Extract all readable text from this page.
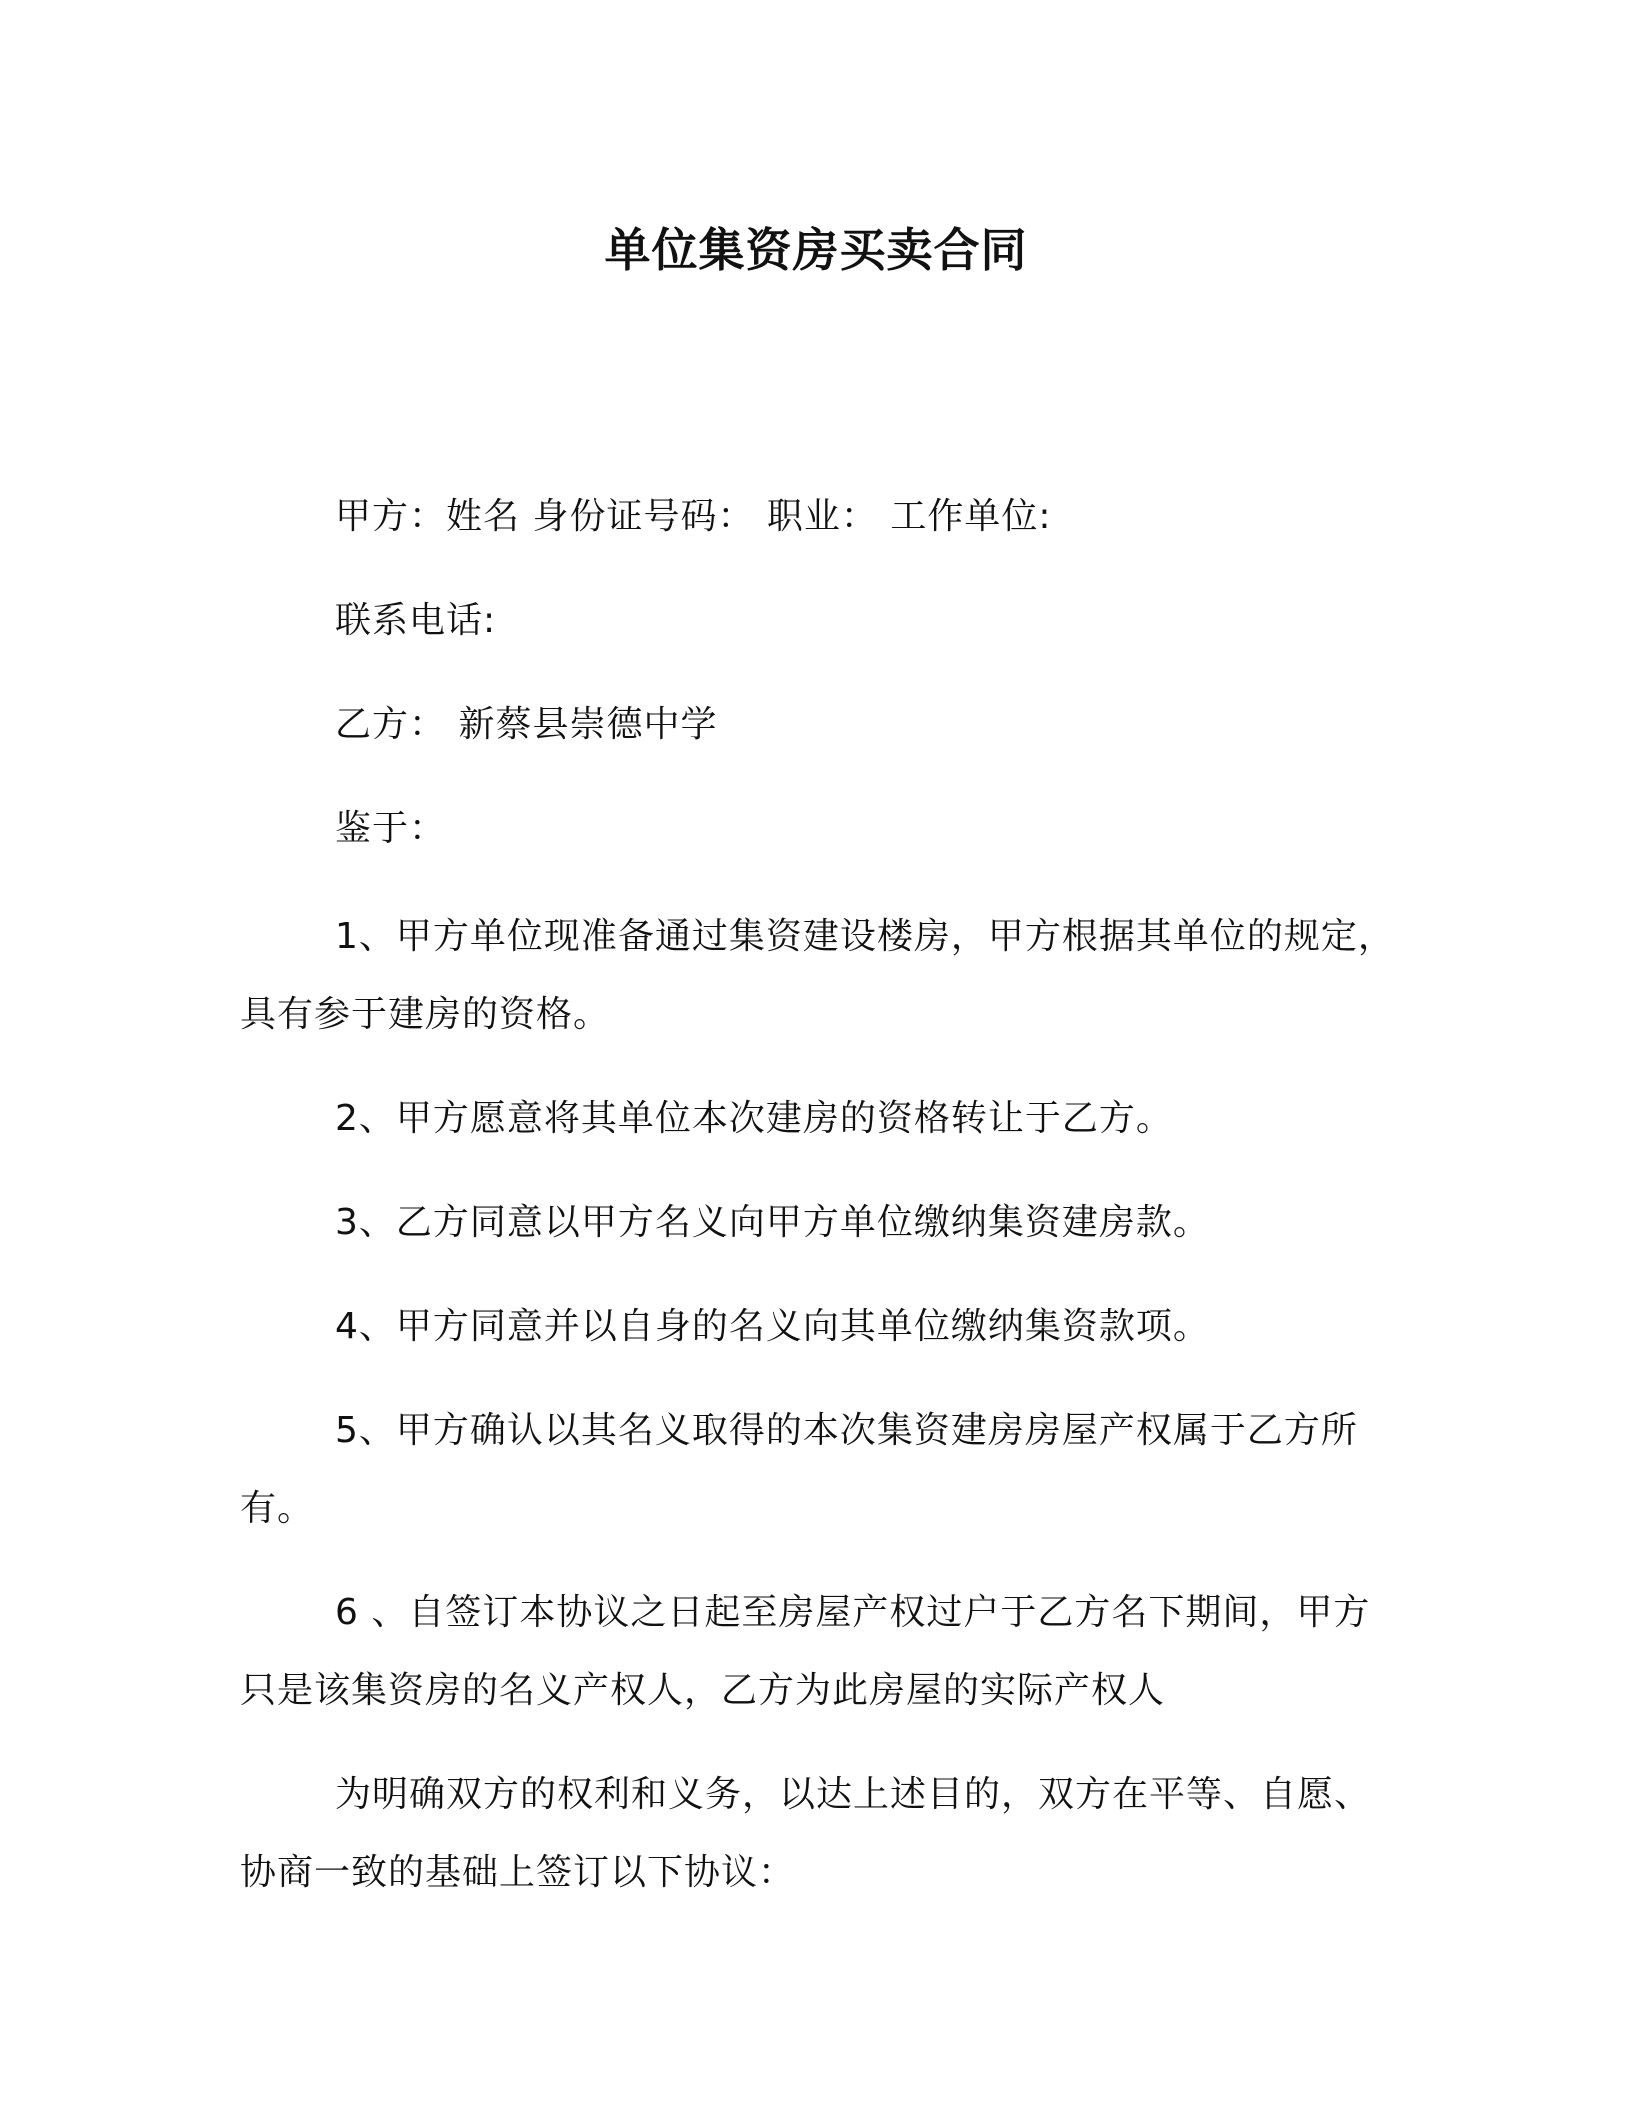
单位集资房买卖合同
甲方：姓名 身份证号码： 职业： 工作单位:
联系电话:
乙方： 新蔡县崇德中学
鉴于：
1、甲方单位现准备通过集资建设楼房，甲方根据其单位的规定，
具有参于建房的资格。
2、甲方愿意将其单位本次建房的资格转让于乙方。
3、乙方同意以甲方名义向甲方单位缴纳集资建房款。
4、甲方同意并以自身的名义向其单位缴纳集资款项。
5、甲方确认以其名义取得的本次集资建房房屋产权属于乙方所
有。
6 、自签订本协议之日起至房屋产权过户于乙方名下期间，甲方
只是该集资房的名义产权人，乙方为此房屋的实际产权人
为明确双方的权利和义务，以达上述目的，双方在平等、自愿、
协商一致的基础上签订以下协议：
